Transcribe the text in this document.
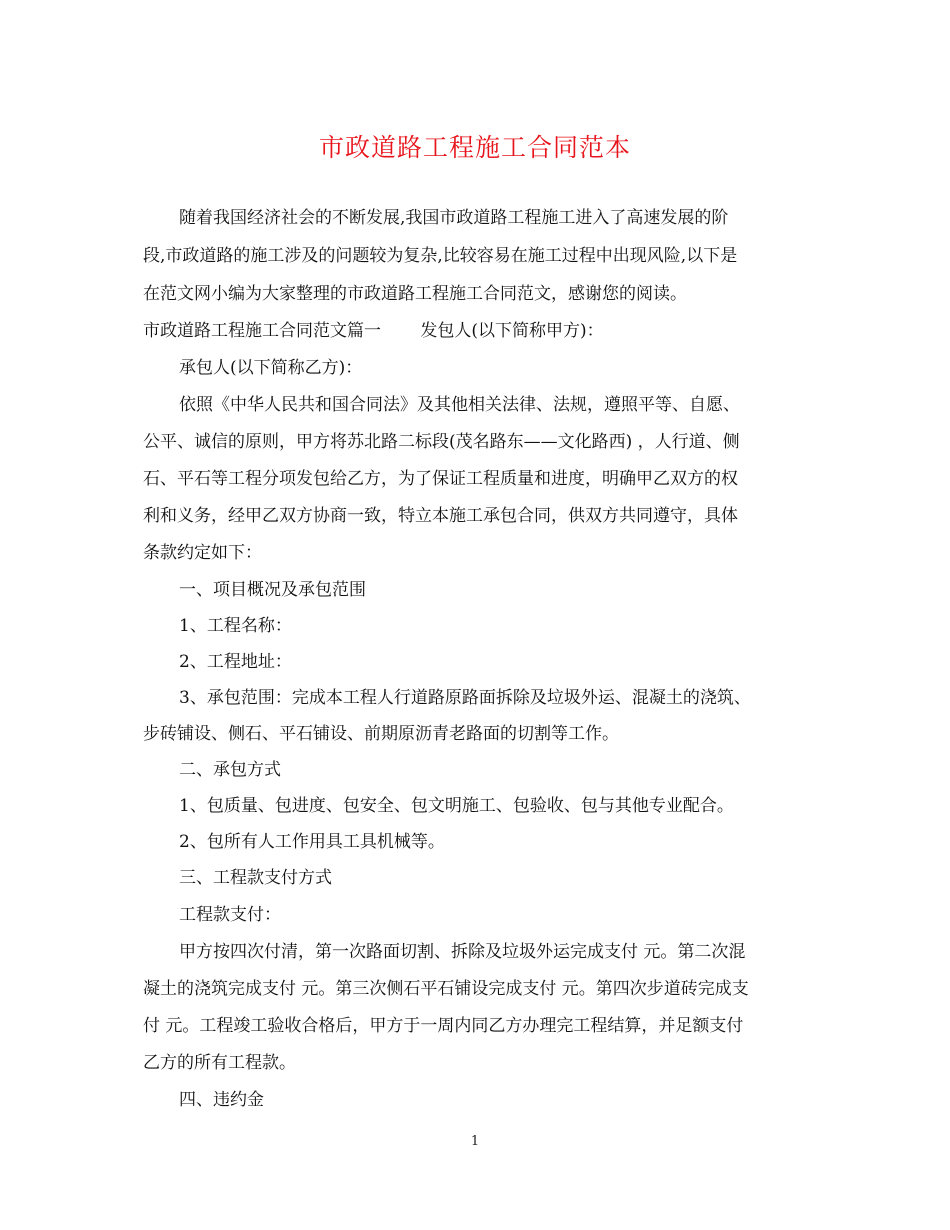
市政道路工程施工合同范本
随着我国经济社会的不断发展,我国市政道路工程施工进入了高速发展的阶
段,市政道路的施工涉及的问题较为复杂,比较容易在施工过程中出现风险,以下是
在范文网小编为大家整理的市政道路工程施工合同范文，感谢您的阅读。
市政道路工程施工合同范文篇一　　 发包人(以下简称甲方)：
承包人(以下简称乙方)：
依照《中华人民共和国合同法》及其他相关法律、法规，遵照平等、自愿、
公平、诚信的原则，甲方将苏北路二标段(茂名路东——文化路西) ，人行道、侧
石、平石等工程分项发包给乙方，为了保证工程质量和进度，明确甲乙双方的权
利和义务，经甲乙双方协商一致，特立本施工承包合同，供双方共同遵守，具体
条款约定如下：
一、项目概况及承包范围
1、工程名称：
2、工程地址：
3、承包范围：完成本工程人行道路原路面拆除及垃圾外运、混凝土的浇筑、
步砖铺设、侧石、平石铺设、前期原沥青老路面的切割等工作。
二、承包方式
1、包质量、包进度、包安全、包文明施工、包验收、包与其他专业配合。
2、包所有人工作用具工具机械等。
三、工程款支付方式
工程款支付：
甲方按四次付清，第一次路面切割、拆除及垃圾外运完成支付 元。第二次混
凝土的浇筑完成支付 元。第三次侧石平石铺设完成支付 元。第四次步道砖完成支
付 元。工程竣工验收合格后，甲方于一周内同乙方办理完工程结算，并足额支付
乙方的所有工程款。
四、违约金
1
